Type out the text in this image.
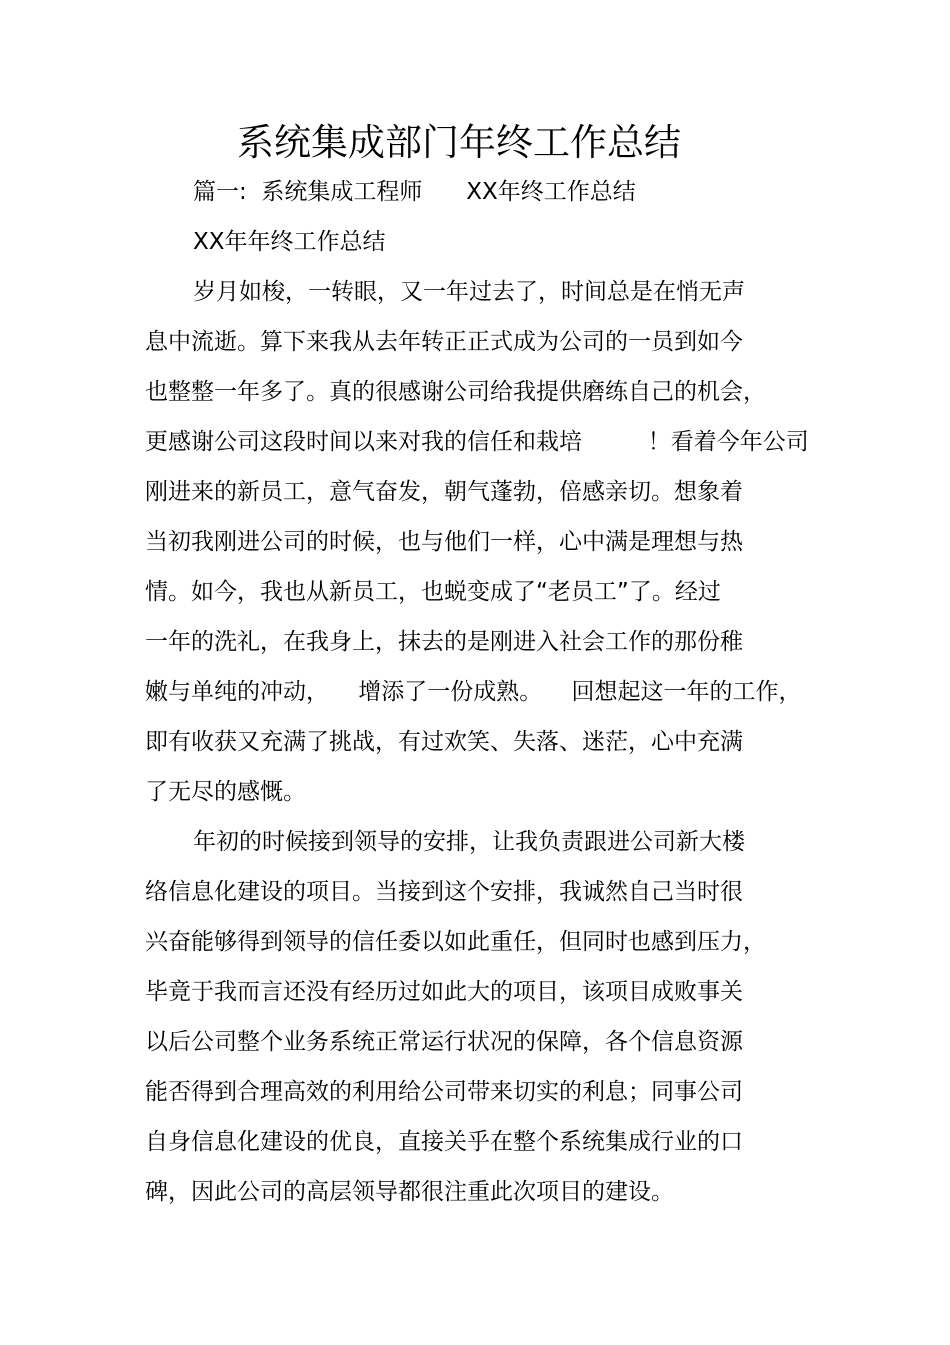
系统集成部门年终工作总结
篇一:  系统集成工程师      XX年终工作总结
XX年年终工作总结
岁月如梭，一转眼，又一年过去了，时间总是在悄无声
息中流逝。算下来我从去年转正正式成为公司的一员到如今
也整整一年多了。真的很感谢公司给我提供磨练自己的机会，
更感谢公司这段时间以来对我的信任和栽培         ！看着今年公司
刚进来的新员工，意气奋发，朝气蓬勃，倍感亲切。想象着
当初我刚进公司的时候，也与他们一样，心中满是理想与热
情。如今，我也从新员工，也蜕变成了“老员工”了。经过
一年的洗礼，在我身上，抹去的是刚进入社会工作的那份稚
嫩与单纯的冲动，    增添了一份成熟。    回想起这一年的工作，
即有收获又充满了挑战，有过欢笑、失落、迷茫，心中充满
了无尽的感慨。
年初的时候接到领导的安排，让我负责跟进公司新大楼
络信息化建设的项目。当接到这个安排，我诚然自己当时很
兴奋能够得到领导的信任委以如此重任，但同时也感到压力，
毕竟于我而言还没有经历过如此大的项目，该项目成败事关
以后公司整个业务系统正常运行状况的保障，各个信息资源
能否得到合理高效的利用给公司带来切实的利息；同事公司
自身信息化建设的优良，直接关乎在整个系统集成行业的口
碑，因此公司的高层领导都很注重此次项目的建设。
